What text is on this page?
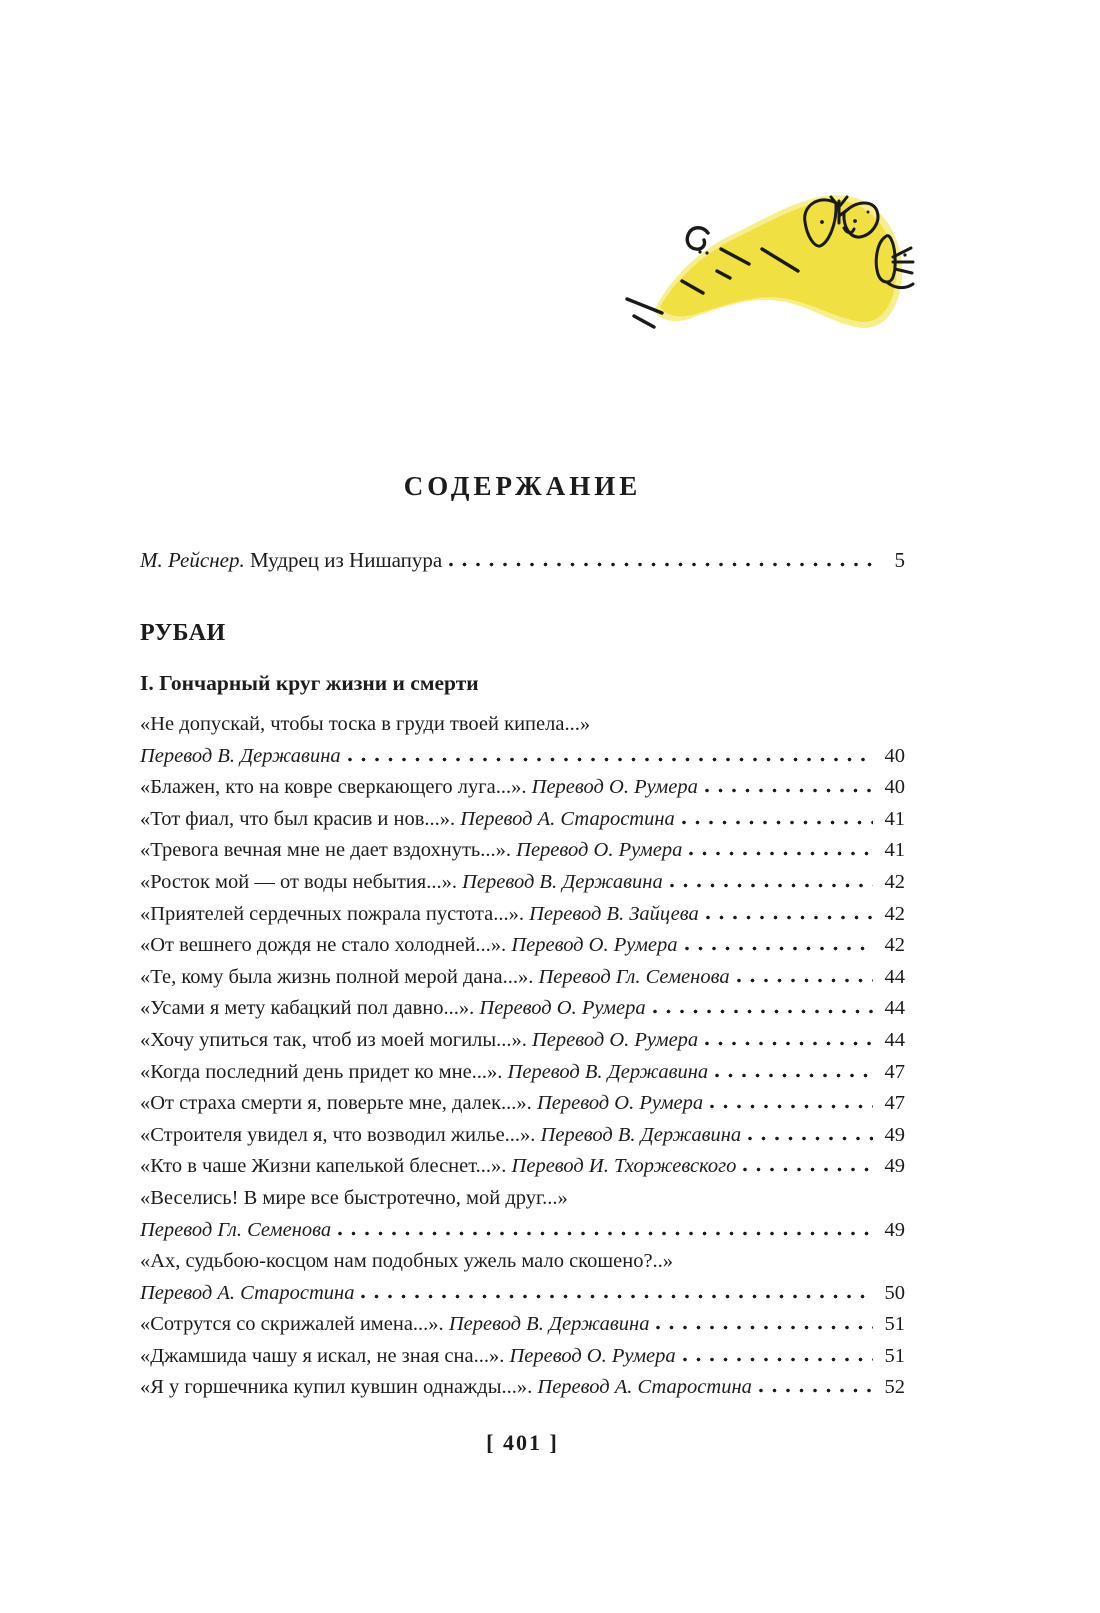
СОДЕРЖАНИЕ
М. Рейснер. Мудрец из Нишапура	5
РУБАИ
I. Гончарный круг жизни и смерти
«Не допускай, чтобы тоска в груди твоей кипела...»
Перевод В. Державина	40
«Блажен, кто на ковре сверкающего луга...». Перевод О. Румера	40
«Тот фиал, что был красив и нов...». Перевод А. Старостина	41
«Тревога вечная мне не дает вздохнуть...». Перевод О. Румера	41
«Росток мой — от воды небытия...». Перевод В. Державина	42
«Приятелей сердечных пожрала пустота...». Перевод В. Зайцева	42
«От вешнего дождя не стало холодней...». Перевод О. Румера	42
«Те, кому была жизнь полной мерой дана...». Перевод Гл. Семенова	44
«Усами я мету кабацкий пол давно...». Перевод О. Румера	44
«Хочу упиться так, чтоб из моей могилы...». Перевод О. Румера	44
«Когда последний день придет ко мне...». Перевод В. Державина	47
«От страха смерти я, поверьте мне, далек...». Перевод О. Румера	47
«Строителя увидел я, что возводил жилье...». Перевод В. Державина	49
«Кто в чаше Жизни капелькой блеснет...». Перевод И. Тхоржевского	49
«Веселись! В мире все быстротечно, мой друг...»
Перевод Гл. Семенова	49
«Ах, судьбою-косцом нам подобных ужель мало скошено?..»
Перевод А. Старостина	50
«Сотрутся со скрижалей имена...». Перевод В. Державина	51
«Джамшида чашу я искал, не зная сна...». Перевод О. Румера	51
«Я у горшечника купил кувшин однажды...». Перевод А. Старостина	52
[ 401 ]
